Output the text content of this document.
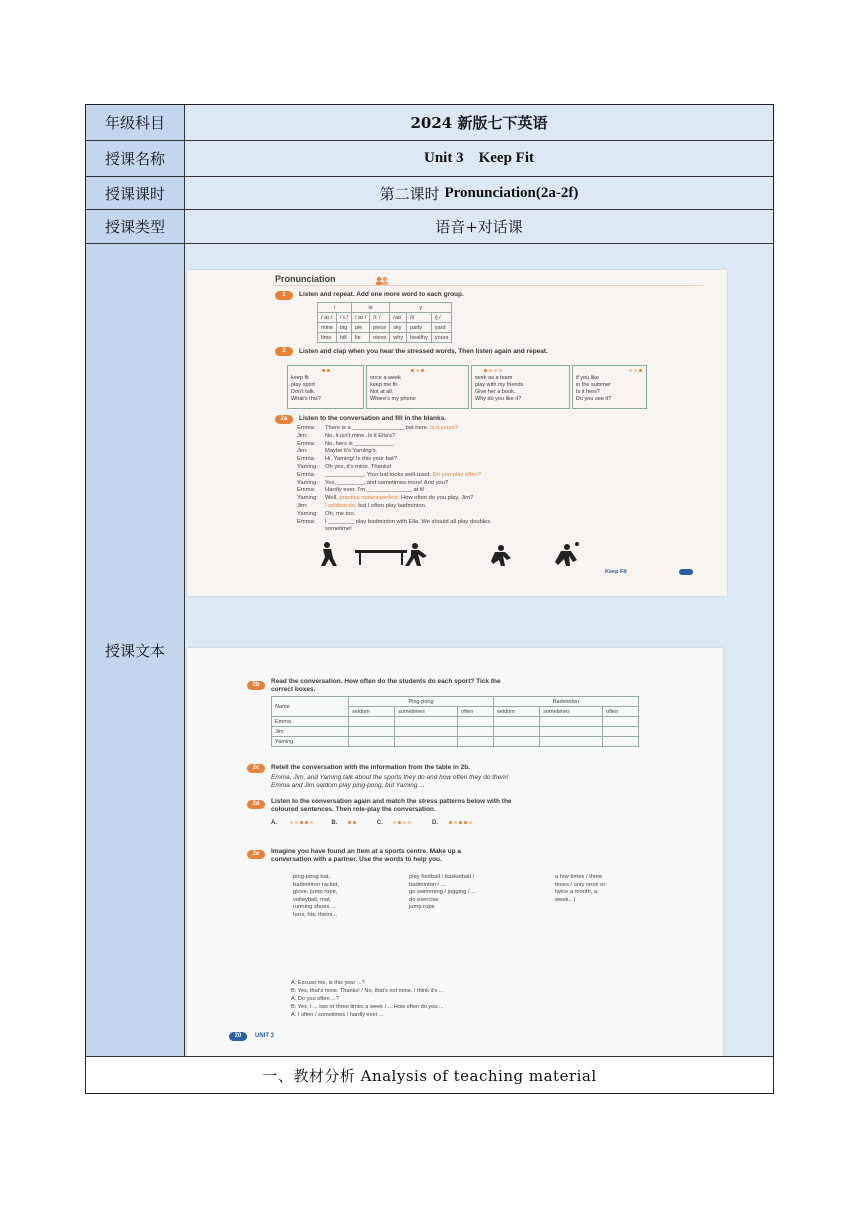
年级科目	2024 新版七下英语
授课名称	Unit 3    Keep Fit
授课课时	第二课时 Pronunciation(2a-2f)
授课类型	语音+对话课
授课文本
Pronunciation
1	Listen and repeat. Add one more word to each group.
i		ie		y		
/ aɪ /	/ ɪ /	/ aɪ /	/iː /	/aɪ/	/i/	/j /
mine	big	pie	piece	sky	party	yard
time	hill	lie	niece	why	healthy	yours
2	Listen and clap when you hear the stressed words. Then listen again and repeat.
keep fit
play sport
Don't talk.
What's this?
once a week
keep me fit
Not at all.
Where's my phone
work as a team
play with my friends
Give her a book.
Why do you like it?
if you like
in the summer
Is it hers?
Do you see it?
2a	Listen to the conversation and fill in the blanks.
Emma: There is a ________________ bat here. Is it yours?
Jim:	No, it isn't mine. Is it Ella's?
Emma: No, hers is ____________.
Jim:	Maybe it's Yaming's.
Emma: Hi, Yaming! Is this your bat?
Yaming: Oh yes, it's mine. Thanks!
Emma: ____________. Your bat looks well-used. Do you play often?
Yaming: Yes, ________, and sometimes more! And you?
Emma: Hardly ever. I'm ______________ at it!
Yaming: Well, practice makes perfect. How often do you play, Jim?
Jim:	I seldom do, but I often play badminton.
Yaming: Oh, me too.
Emma: I ________ play badminton with Ella. We should all play doubles
sometime!
Keep Fit
2b	Read the conversation. How often do the students do each sport? Tick the
correct boxes.
Name	Ping-pong			Badminton		
	seldom	sometimes	often	seldom	sometimes	often
Emma						
Jim						
Yaming						
2c	Retell the conversation with the information from the table in 2b.
Emma, Jim, and Yaming talk about the sports they do and how often they do them!
Emma and Jim seldom play ping-pong, but Yaming ...
2d	Listen to the conversation again and match the stress patterns below with the
coloured sentences. Then role-play the conversation.
A.	B.	C.	D.
2e	Imagine you have found an item at a sports centre. Make up a
conversation with a partner. Use the words to help you.
ping-pong bat,
badminton racket,
glove, jump rope,
volleyball, mat,
running shoes ...
hers, his, theirs...
play football / basketball /
badminton / ...
go swimming / jogging / ...
do exercise
jump rope
a few times / three
times / only once or
twice a month, a
week...)
A: Excuse me, is this your ...?
B: Yes, that's mine. Thanks! / No, that's not mine. I think it's ...
A: Do you often ...?
B: Yes, I ... two or three times a week / ... How often do you ...
A: I often / sometimes / hardly ever ...
20	UNIT 3
一、教材分析 Analysis of teaching material
